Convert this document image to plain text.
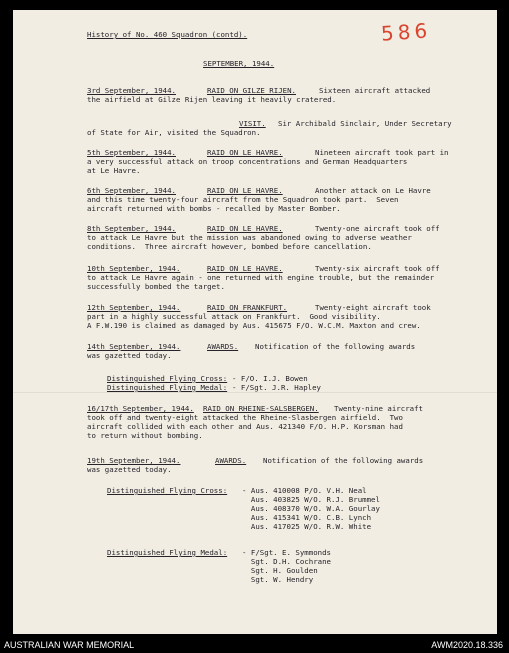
586
History of No. 460 Squadron (contd).
SEPTEMBER, 1944.
3rd September, 1944.	RAID ON GILZE RIJEN.	Sixteen aircraft attacked
the airfield at Gilze Rijen leaving it heavily cratered.
VISIT. Sir Archibald Sinclair, Under Secretary
of State for Air, visited the Squadron.
5th September, 1944.	RAID ON LE HAVRE.	Nineteen aircraft took part in
a very successful attack on troop concentrations and German Headquarters
at Le Havre.
6th September, 1944.	RAID ON LE HAVRE.	Another attack on Le Havre
and this time twenty-four aircraft from the Squadron took part.  Seven
aircraft returned with bombs - recalled by Master Bomber.
8th September, 1944.	RAID ON LE HAVRE.	Twenty-one aircraft took off
to attack Le Havre but the mission was abandoned owing to adverse weather
conditions.  Three aircraft however, bombed before cancellation.
10th September, 1944.	RAID ON LE HAVRE.	Twenty-six aircraft took off
to attack Le Havre again - one returned with engine trouble, but the remainder
successfully bombed the target.
12th September, 1944.	RAID ON FRANKFURT.	Twenty-eight aircraft took
part in a highly successful attack on Frankfurt.  Good visibility.
A F.W.190 is claimed as damaged by Aus. 415675 F/O. W.C.M. Maxton and crew.
14th September, 1944.	AWARDS. Notification of the following awards
was gazetted today.
Distinguished Flying Cross: - F/O. I.J. Bowen
Distinguished Flying Medal: - F/Sgt. J.R. Hapley
16/17th September, 1944. RAID ON RHEINE-SALSBERGEN. Twenty-nine aircraft
took off and twenty-eight attacked the Rheine-Slasbergen airfield.  Two
aircraft collided with each other and Aus. 421340 F/O. H.P. Korsman had
to return without bombing.
19th September, 1944.	AWARDS. Notification of the following awards
was gazetted today.
Distinguished Flying Cross: - Aus. 410008 P/O. V.H. Neal
Aus. 403825 W/O. R.J. Brummel
Aus. 408370 W/O. W.A. Gourlay
Aus. 415341 W/O. C.B. Lynch
Aus. 417025 W/O. R.W. White
Distinguished Flying Medal: - F/Sgt. E. Symmonds
Sgt. D.H. Cochrane
Sgt. H. Goulden
Sgt. W. Hendry
AUSTRALIAN WAR MEMORIAL	AWM2020.18.336
